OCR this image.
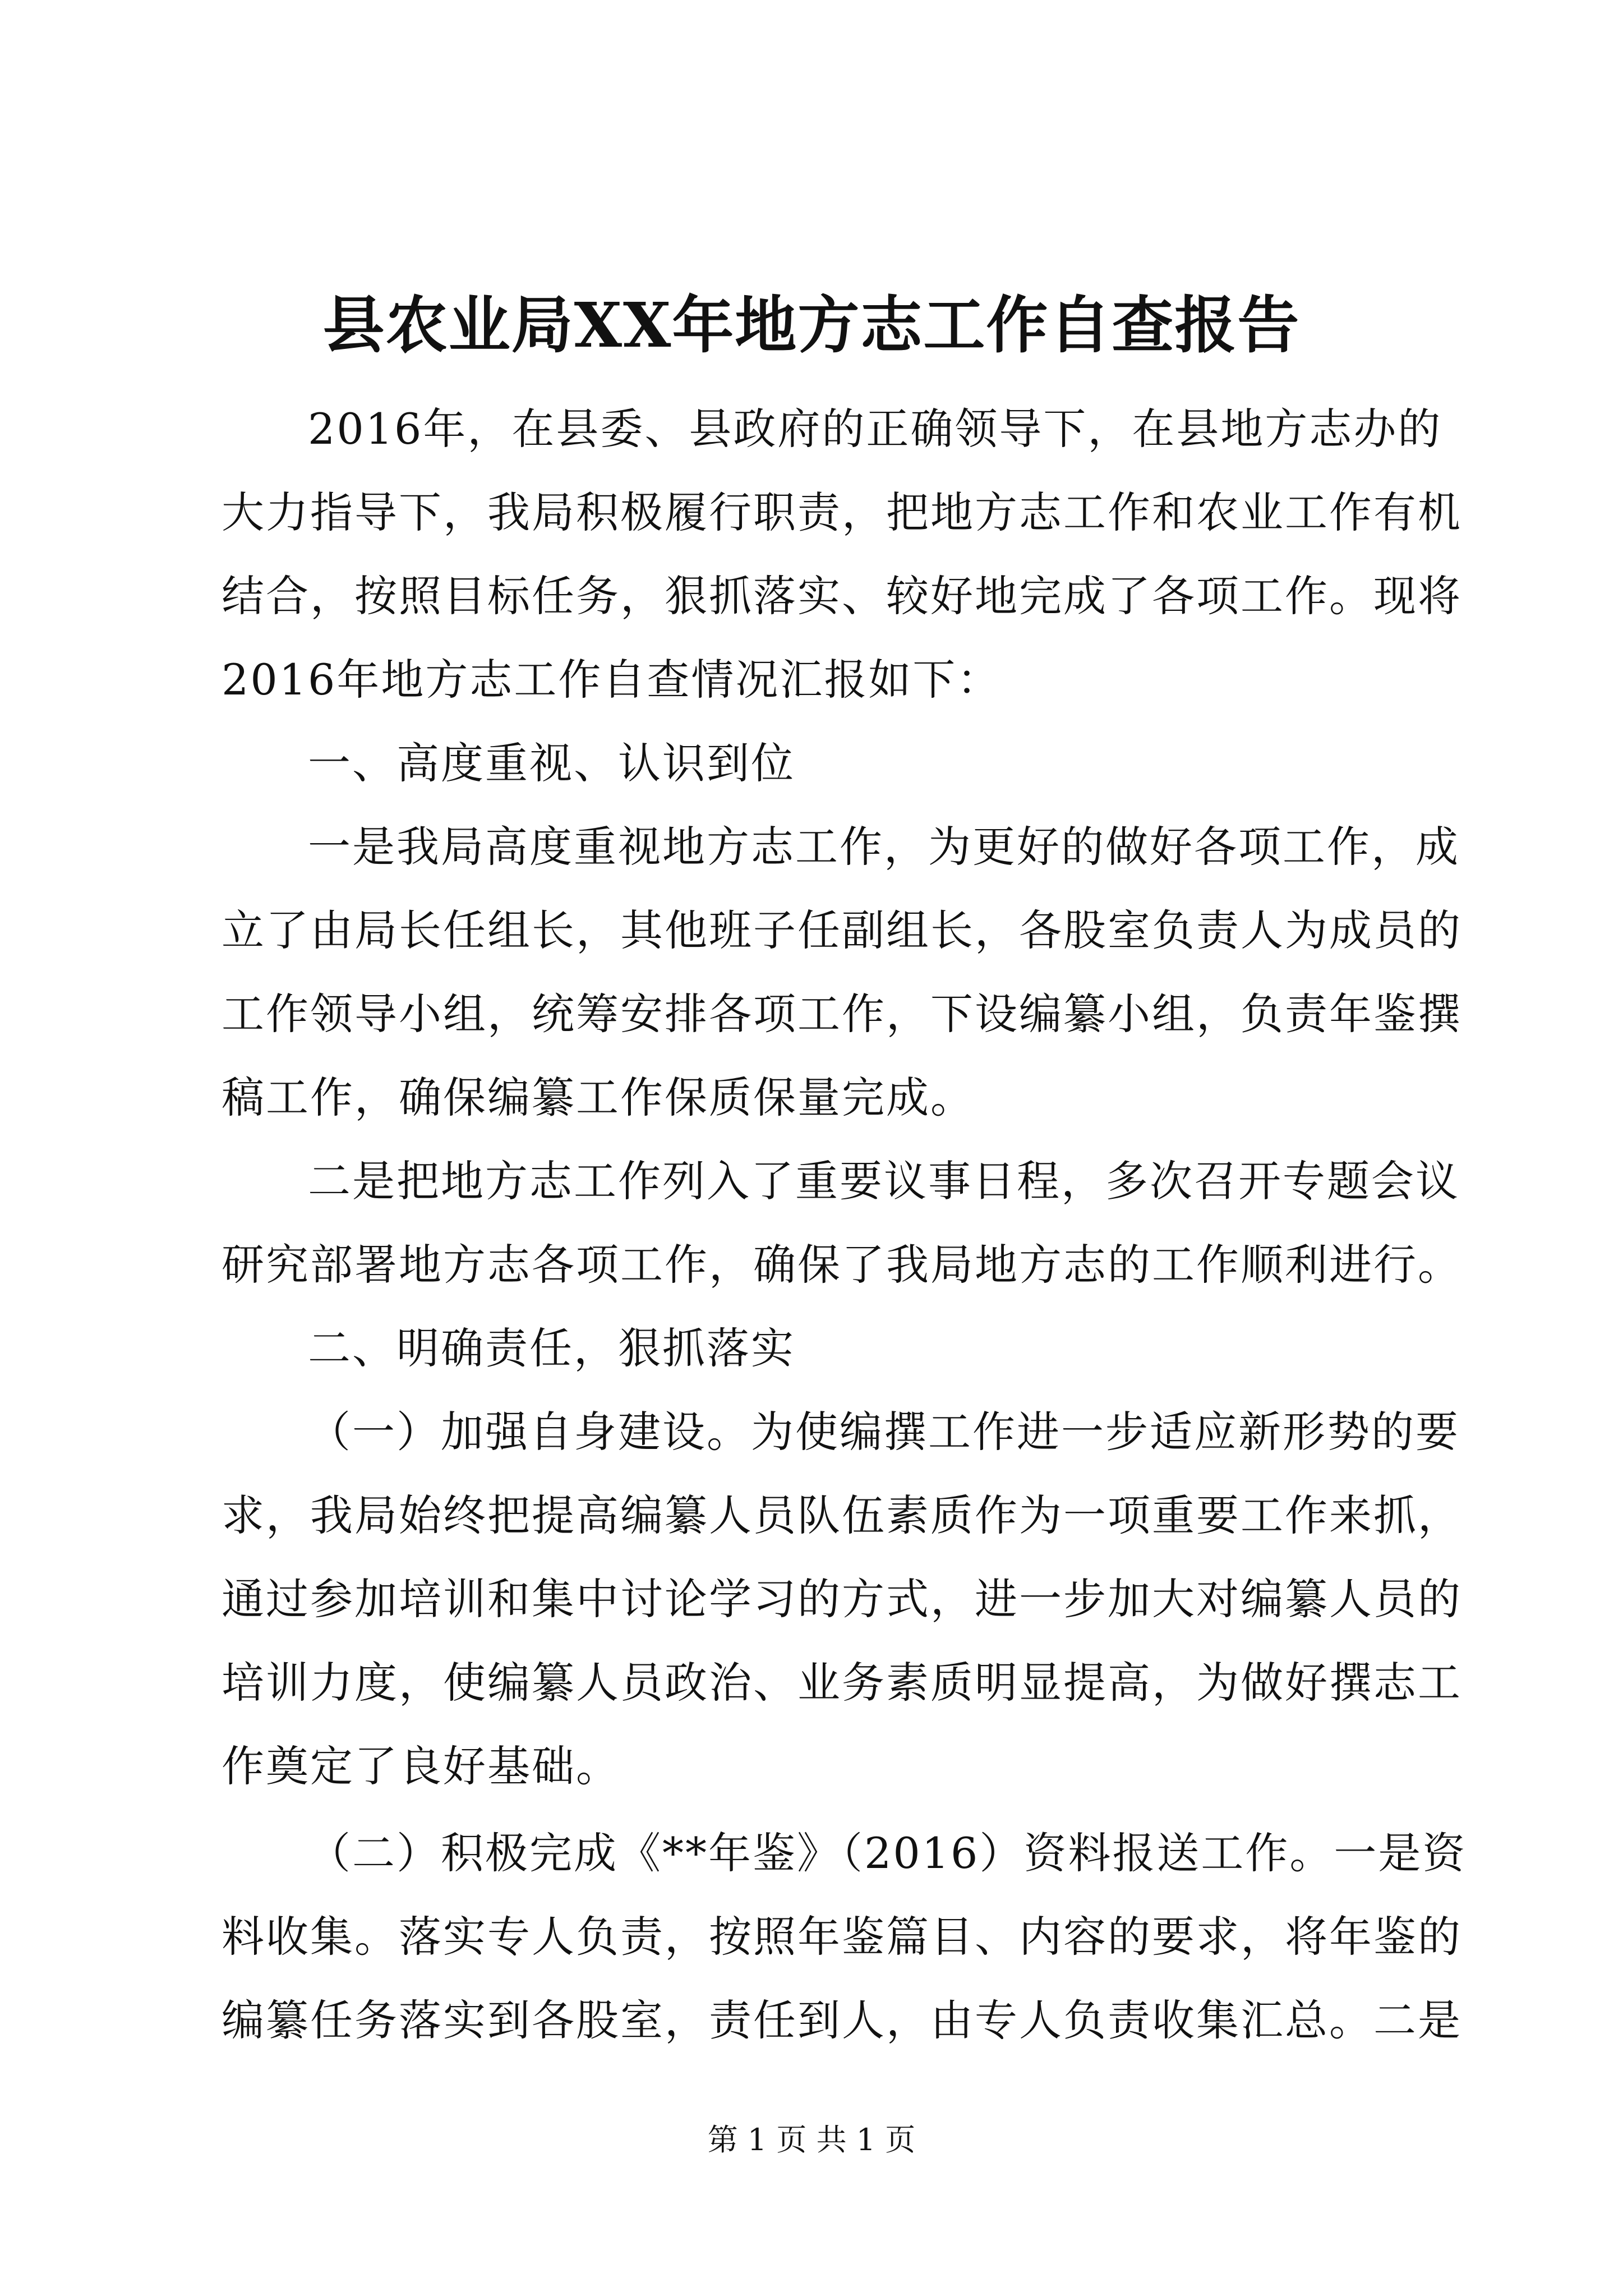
县农业局XX年地方志工作自查报告
2016年，在县委、县政府的正确领导下，在县地方志办的
大力指导下，我局积极履行职责，把地方志工作和农业工作有机
结合，按照目标任务，狠抓落实、较好地完成了各项工作。现将
2016年地方志工作自查情况汇报如下：
一、高度重视、认识到位
一是我局高度重视地方志工作，为更好的做好各项工作，成
立了由局长任组长，其他班子任副组长，各股室负责人为成员的
工作领导小组，统筹安排各项工作，下设编纂小组，负责年鉴撰
稿工作，确保编纂工作保质保量完成。
二是把地方志工作列入了重要议事日程，多次召开专题会议
研究部署地方志各项工作，确保了我局地方志的工作顺利进行。
二、明确责任，狠抓落实
（一）加强自身建设。为使编撰工作进一步适应新形势的要
求，我局始终把提高编纂人员队伍素质作为一项重要工作来抓，
通过参加培训和集中讨论学习的方式，进一步加大对编纂人员的
培训力度，使编纂人员政治、业务素质明显提高，为做好撰志工
作奠定了良好基础。
（二）积极完成《**年鉴》（2016）资料报送工作。一是资
料收集。落实专人负责，按照年鉴篇目、内容的要求，将年鉴的
编纂任务落实到各股室，责任到人，由专人负责收集汇总。二是
第 1 页 共 1 页
